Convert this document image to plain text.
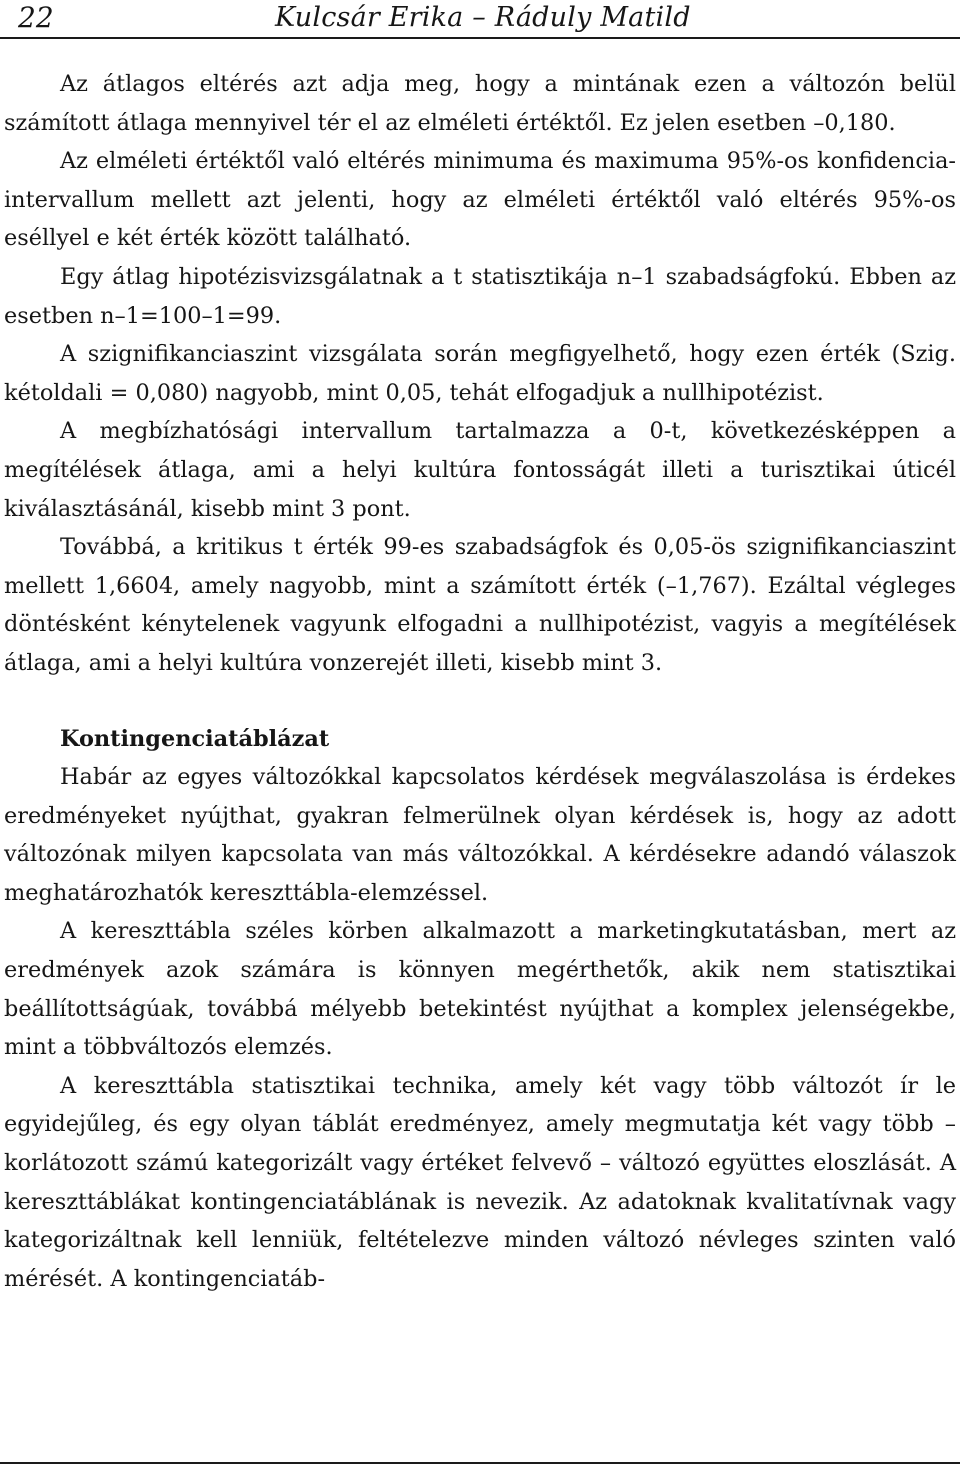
22	Kulcsár Erika – Ráduly Matild

Az átlagos eltérés azt adja meg, hogy a mintának ezen a változón belül számított átlaga mennyivel tér el az elméleti értéktől. Ez jelen esetben –0,180.

Az elméleti értéktől való eltérés minimuma és maximuma 95%-os konfidencia-intervallum mellett azt jelenti, hogy az elméleti értéktől való eltérés 95%-os eséllyel e két érték között található.

Egy átlag hipotézisvizsgálatnak a t statisztikája n–1 szabadságfokú. Ebben az esetben n–1=100–1=99.

A szignifikanciaszint vizsgálata során megfigyelhető, hogy ezen érték (Szig. kétoldali = 0,080) nagyobb, mint 0,05, tehát elfogadjuk a nullhipotézist.

A megbízhatósági intervallum tartalmazza a 0-t, következésképpen a megítélések átlaga, ami a helyi kultúra fontosságát illeti a turisztikai úticél kiválasztásánál, kisebb mint 3 pont.

Továbbá, a kritikus t érték 99-es szabadságfok és 0,05-ös szignifikanciaszint mellett 1,6604, amely nagyobb, mint a számított érték (–1,767). Ezáltal végleges döntésként kénytelenek vagyunk elfogadni a nullhipotézist, vagyis a megítélések átlaga, ami a helyi kultúra vonzerejét illeti, kisebb mint 3.

Kontingenciatáblázat

Habár az egyes változókkal kapcsolatos kérdések megválaszolása is érdekes eredményeket nyújthat, gyakran felmerülnek olyan kérdések is, hogy az adott változónak milyen kapcsolata van más változókkal. A kérdésekre adandó válaszok meghatározhatók kereszttábla-elemzéssel.

A kereszttábla széles körben alkalmazott a marketingkutatásban, mert az eredmények azok számára is könnyen megérthetők, akik nem statisztikai beállítottságúak, továbbá mélyebb betekintést nyújthat a komplex jelenségekbe, mint a többváltozós elemzés.

A kereszttábla statisztikai technika, amely két vagy több változót ír le egyidejűleg, és egy olyan táblát eredményez, amely megmutatja két vagy több – korlátozott számú kategorizált vagy értéket felvevő – változó együttes eloszlását. A kereszttáblákat kontingenciatáblának is nevezik. Az adatoknak kvalitatívnak vagy kategorizáltnak kell lenniük, feltételezve minden változó névleges szinten való mérését. A kontingenciatáb-
